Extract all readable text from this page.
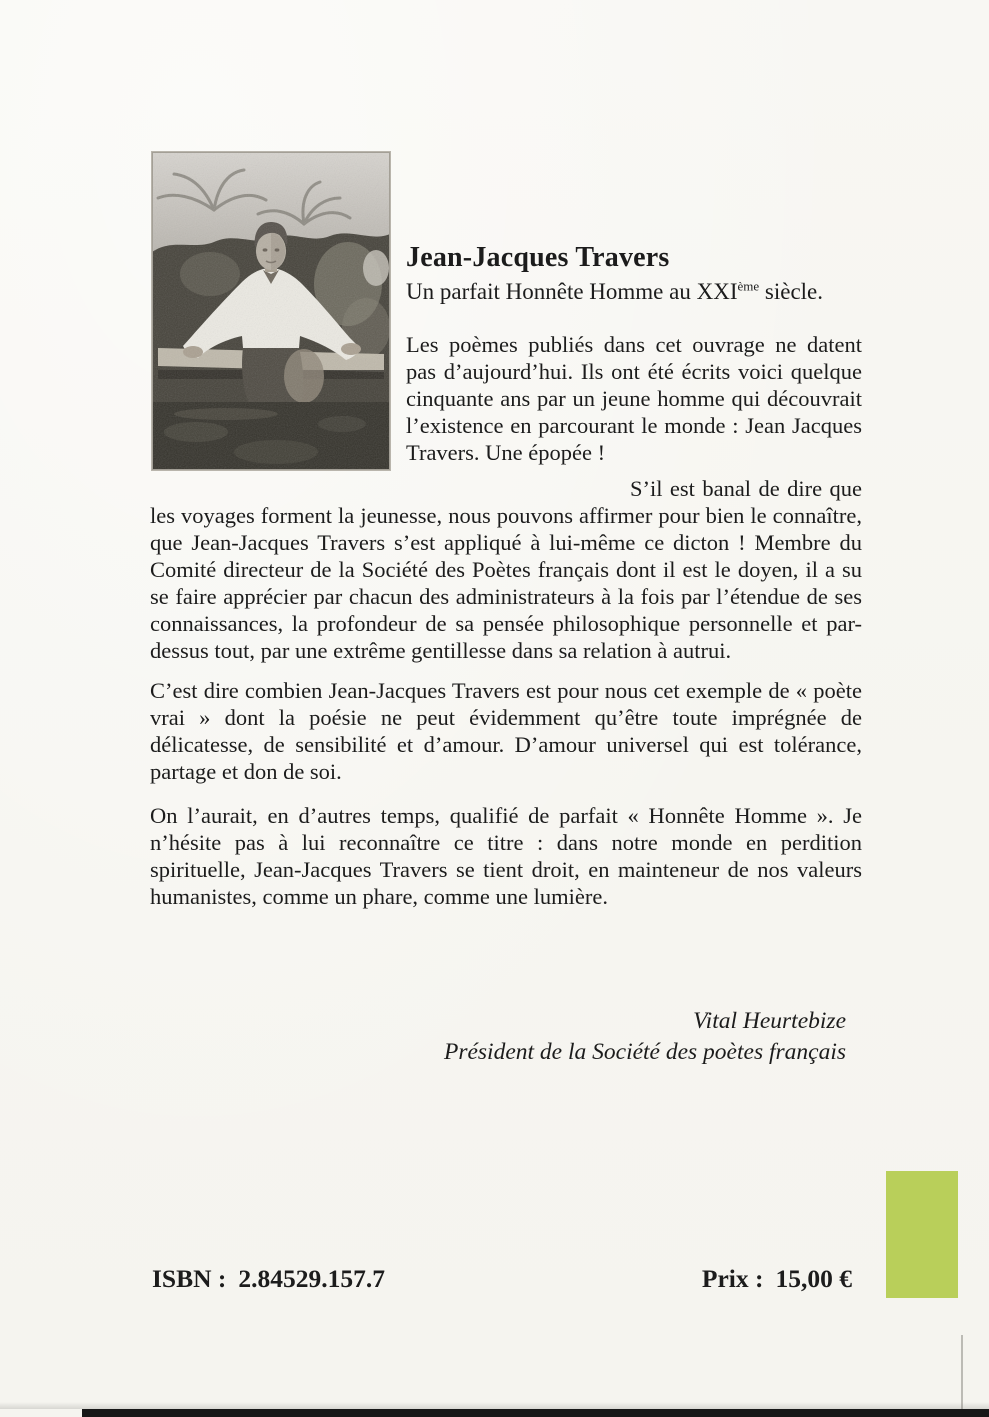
Jean-Jacques Travers

Un parfait Honnête Homme au XXIème siècle.

Les poèmes publiés dans cet ouvrage ne datent pas d’aujourd’hui. Ils ont été écrits voici quelque cinquante ans par un jeune homme qui découvrait l’existence en parcourant le monde : Jean Jacques Travers. Une épopée !

S’il est banal de dire que les voyages forment la jeunesse, nous pouvons affirmer pour bien le connaître, que Jean-Jacques Travers s’est appliqué à lui-même ce dicton ! Membre du Comité directeur de la Société des Poètes français dont il est le doyen, il a su se faire apprécier par chacun des administrateurs à la fois par l’étendue de ses connaissances, la profondeur de sa pensée philosophique personnelle et par-dessus tout, par une extrême gentillesse dans sa relation à autrui.

C’est dire combien Jean-Jacques Travers est pour nous cet exemple de « poète vrai » dont la poésie ne peut évidemment qu’être toute imprégnée de délicatesse, de sensibilité et d’amour. D’amour universel qui est tolérance, partage et don de soi.

On l’aurait, en d’autres temps, qualifié de parfait « Honnête Homme ». Je n’hésite pas à lui reconnaître ce titre : dans notre monde en perdition spirituelle, Jean-Jacques Travers se tient droit, en mainteneur de nos valeurs humanistes, comme un phare, comme une lumière.

Vital Heurtebize
Président de la Société des poètes français
ISBN : 2.84529.157.7	Prix : 15,00 €
